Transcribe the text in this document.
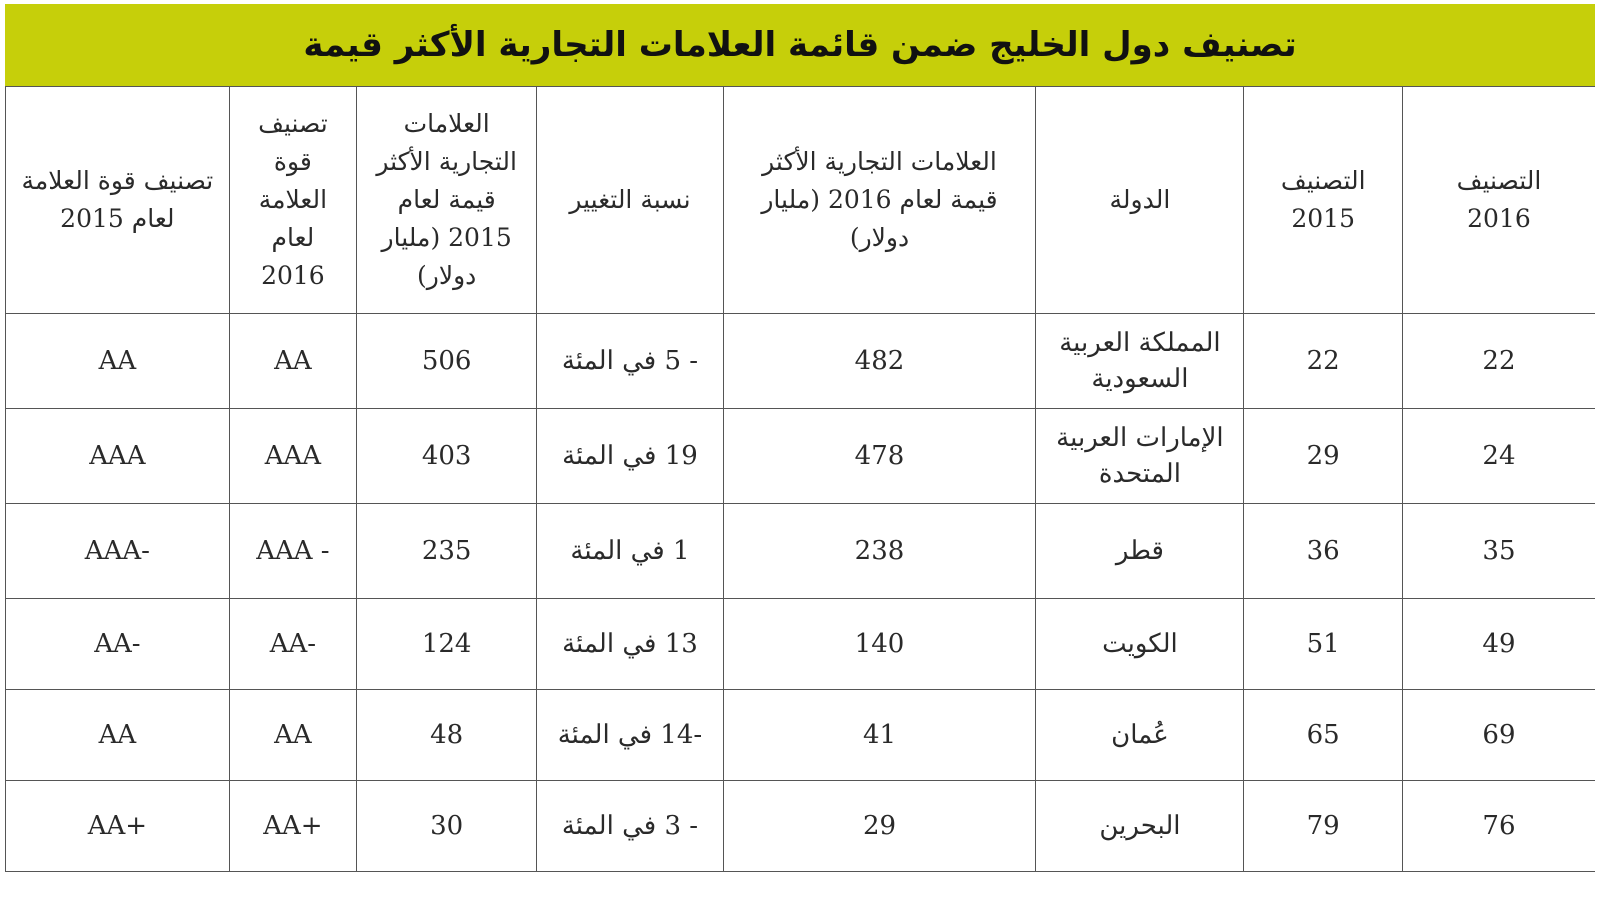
تصنيف دول الخليج ضمن قائمة العلامات التجارية الأكثر قيمة
التصنيف 2016	التصنيف 2015	الدولة	العلامات التجارية الأكثر قيمة لعام 2016 (مليار دولار)	نسبة التغيير	العلامات التجارية الأكثر قيمة لعام 2015 (مليار دولار)	تصنيف قوة العلامة لعام 2016	تصنيف قوة العلامة لعام 2015
22	22	المملكة العربية السعودية	482	- 5 في المئة	506	AA	AA
24	29	الإمارات العربية المتحدة	478	19 في المئة	403	AAA	AAA
35	36	قطر	238	1 في المئة	235	AAA -	AAA-
49	51	الكويت	140	13 في المئة	124	AA-	AA-
69	65	عُمان	41	-14 في المئة	48	AA	AA
76	79	البحرين	29	- 3 في المئة	30	AA+	AA+
